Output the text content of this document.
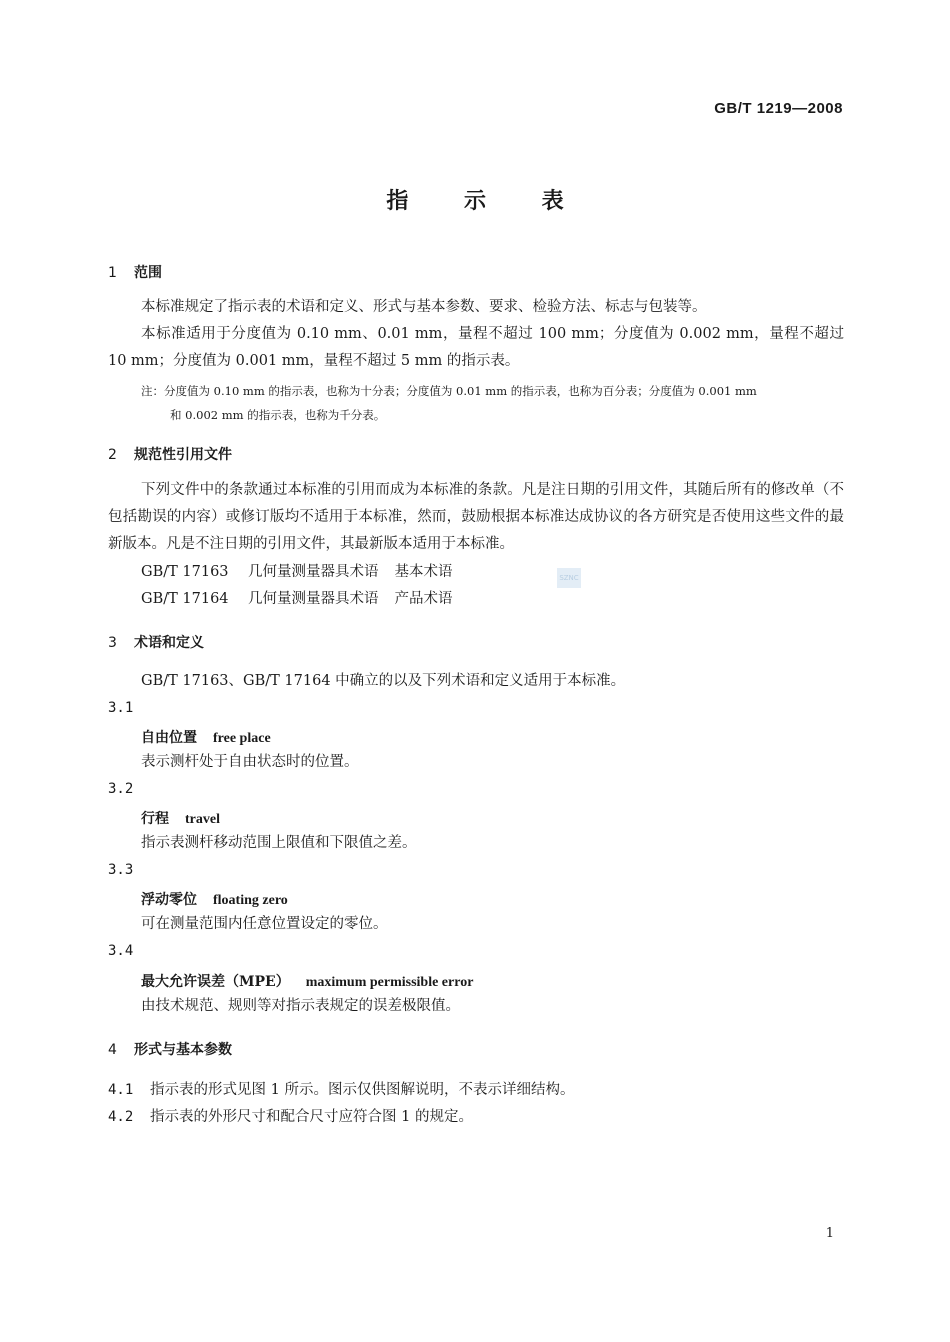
GB/T 1219—2008
指 示 表
1 范围
本标准规定了指示表的术语和定义、形式与基本参数、要求、检验方法、标志与包装等。
本标准适用于分度值为 0.10 mm、0.01 mm，量程不超过 100 mm；分度值为 0.002 mm，量程不超过 10 mm；分度值为 0.001 mm，量程不超过 5 mm 的指示表。
注：分度值为 0.10 mm 的指示表，也称为十分表；分度值为 0.01 mm 的指示表，也称为百分表；分度值为 0.001 mm
和 0.002 mm 的指示表，也称为千分表。
2 规范性引用文件
下列文件中的条款通过本标准的引用而成为本标准的条款。凡是注日期的引用文件，其随后所有的修改单（不包括勘误的内容）或修订版均不适用于本标准，然而，鼓励根据本标准达成协议的各方研究是否使用这些文件的最新版本。凡是不注日期的引用文件，其最新版本适用于本标准。
GB/T 17163 几何量测量器具术语 基本术语
GB/T 17164 几何量测量器具术语 产品术语
SZNC
3 术语和定义
GB/T 17163、GB/T 17164 中确立的以及下列术语和定义适用于本标准。
3.1
自由位置 free place
表示测杆处于自由状态时的位置。
3.2
行程 travel
指示表测杆移动范围上限值和下限值之差。
3.3
浮动零位 floating zero
可在测量范围内任意位置设定的零位。
3.4
最大允许误差（MPE） maximum permissible error
由技术规范、规则等对指示表规定的误差极限值。
4 形式与基本参数
4.1 指示表的形式见图 1 所示。图示仅供图解说明，不表示详细结构。
4.2 指示表的外形尺寸和配合尺寸应符合图 1 的规定。
1
